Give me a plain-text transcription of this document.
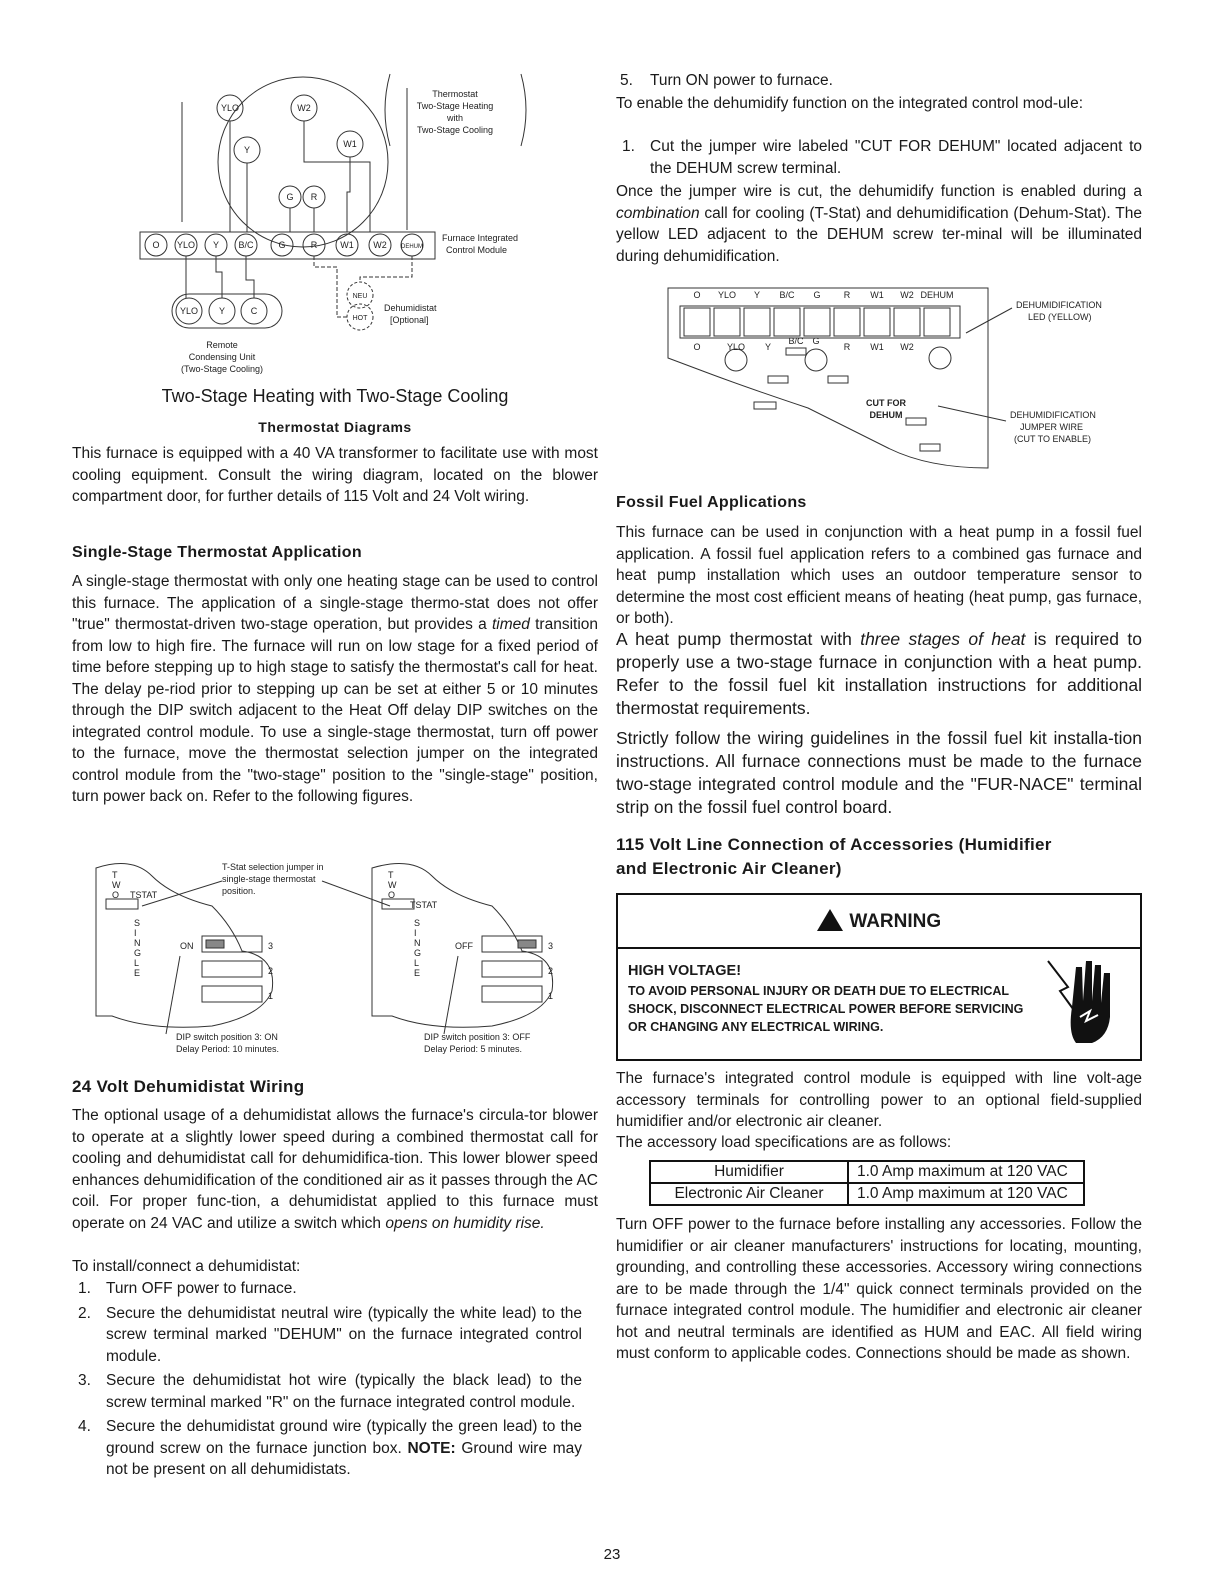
YLO	W2
Y
W1
G R
O YLO Y B/C	G	R	W1 W2 DEHUM
YLO Y	C
NEU
HOT
Thermostat
Two-Stage Heating
with
Two-Stage Cooling
Remote
Condensing Unit
(Two-Stage Cooling)
Furnace Integrated
Control Module
Dehumidistat
[Optional]
Two-Stage Heating with Two-Stage Cooling
Thermostat Diagrams

This furnace is equipped with a 40 VA transformer to facilitate use with most cooling equipment. Consult the wiring diagram, located on the blower compartment door, for further details of 115 Volt and 24 Volt wiring.

Single-Stage Thermostat Application

A single-stage thermostat with only one heating stage can be used to control this furnace. The application of a single-stage thermo-stat does not offer "true" thermostat-driven two-stage operation, but provides a timed transition from low to high fire. The furnace will run on low stage for a fixed period of time before stepping up to high stage to satisfy the thermostat's call for heat. The delay pe-riod prior to stepping up can be set at either 5 or 10 minutes through the DIP switch adjacent to the Heat Off delay DIP switches on the integrated control module. To use a single-stage thermostat, turn off power to the furnace, move the thermostat selection jumper on the integrated control module from the "two-stage" position to the "single-stage" position, turn power back on. Refer to the following figures.

T
W
O TSTAT
S
I
N
G
L
E
ON	3
2
1
T-Stat selection jumper in
single-stage thermostat
position.
DIP switch position 3: ON
Delay Period: 10 minutes.
T
W
O
TSTAT
S
I
N
G
L
E
OFF	3
2
1
DIP switch position 3: OFF
Delay Period: 5 minutes.
24 Volt Dehumidistat Wiring

The optional usage of a dehumidistat allows the furnace's circula-tor blower to operate at a slightly lower speed during a combined thermostat call for cooling and dehumidistat call for dehumidifica-tion. This lower blower speed enhances dehumidification of the conditioned air as it passes through the AC coil. For proper func-tion, a dehumidistat applied to this furnace must operate on 24 VAC and utilize a switch which opens on humidity rise.

To install/connect a dehumidistat:

1. Turn OFF power to furnace.

2. Secure the dehumidistat neutral wire (typically the white lead) to the screw terminal marked "DEHUM" on the furnace integrated control module.

3. Secure the dehumidistat hot wire (typically the black lead) to the screw terminal marked "R" on the furnace integrated control module.

4. Secure the dehumidistat ground wire (typically the green lead) to the ground screw on the furnace junction box. NOTE: Ground wire may not be present on all dehumidistats.

5. Turn ON power to furnace.

To enable the dehumidify function on the integrated control mod-ule:

1. Cut the jumper wire labeled "CUT FOR DEHUM" located adjacent to the DEHUM screw terminal.

Once the jumper wire is cut, the dehumidify function is enabled during a combination call for cooling (T-Stat) and dehumidification (Dehum-Stat). The yellow LED adjacent to the DEHUM screw ter-minal will be illuminated during dehumidification.

O YLO Y B/C G	R W1 W2 DEHUM
O	YLO Y
B/C G
R W1 W2
CUT FOR
DEHUM
DEHUMIDIFICATION
LED (YELLOW)
DEHUMIDIFICATION
JUMPER WIRE
(CUT TO ENABLE)
Fossil Fuel Applications

This furnace can be used in conjunction with a heat pump in a fossil fuel application. A fossil fuel application refers to a combined gas furnace and heat pump installation which uses an outdoor temperature sensor to determine the most cost efficient means of heating (heat pump, gas furnace, or both).

A heat pump thermostat with three stages of heat is required to properly use a two-stage furnace in conjunction with a heat pump. Refer to the fossil fuel kit installation instructions for additional thermostat requirements.

Strictly follow the wiring guidelines in the fossil fuel kit installa-tion instructions. All furnace connections must be made to the furnace two-stage integrated control module and the "FUR-NACE" terminal strip on the fossil fuel control board.

115 Volt Line Connection of Accessories (Humidifier
and Electronic Air Cleaner)
WARNING
HIGH VOLTAGE!
TO AVOID PERSONAL INJURY OR DEATH DUE TO ELECTRICAL SHOCK, DISCONNECT ELECTRICAL POWER BEFORE SERVICING OR CHANGING ANY ELECTRICAL WIRING.

The furnace's integrated control module is equipped with line volt-age accessory terminals for controlling power to an optional field-supplied humidifier and/or electronic air cleaner.

The accessory load specifications are as follows:

Humidifier	1.0 Amp maximum at 120 VAC
Electronic Air Cleaner	1.0 Amp maximum at 120 VAC

Turn OFF power to the furnace before installing any accessories. Follow the humidifier or air cleaner manufacturers' instructions for locating, mounting, grounding, and controlling these accessories. Accessory wiring connections are to be made through the 1/4" quick connect terminals provided on the furnace integrated control module. The humidifier and electronic air cleaner hot and neutral terminals are identified as HUM and EAC. All field wiring must conform to applicable codes. Connections should be made as shown.

23
